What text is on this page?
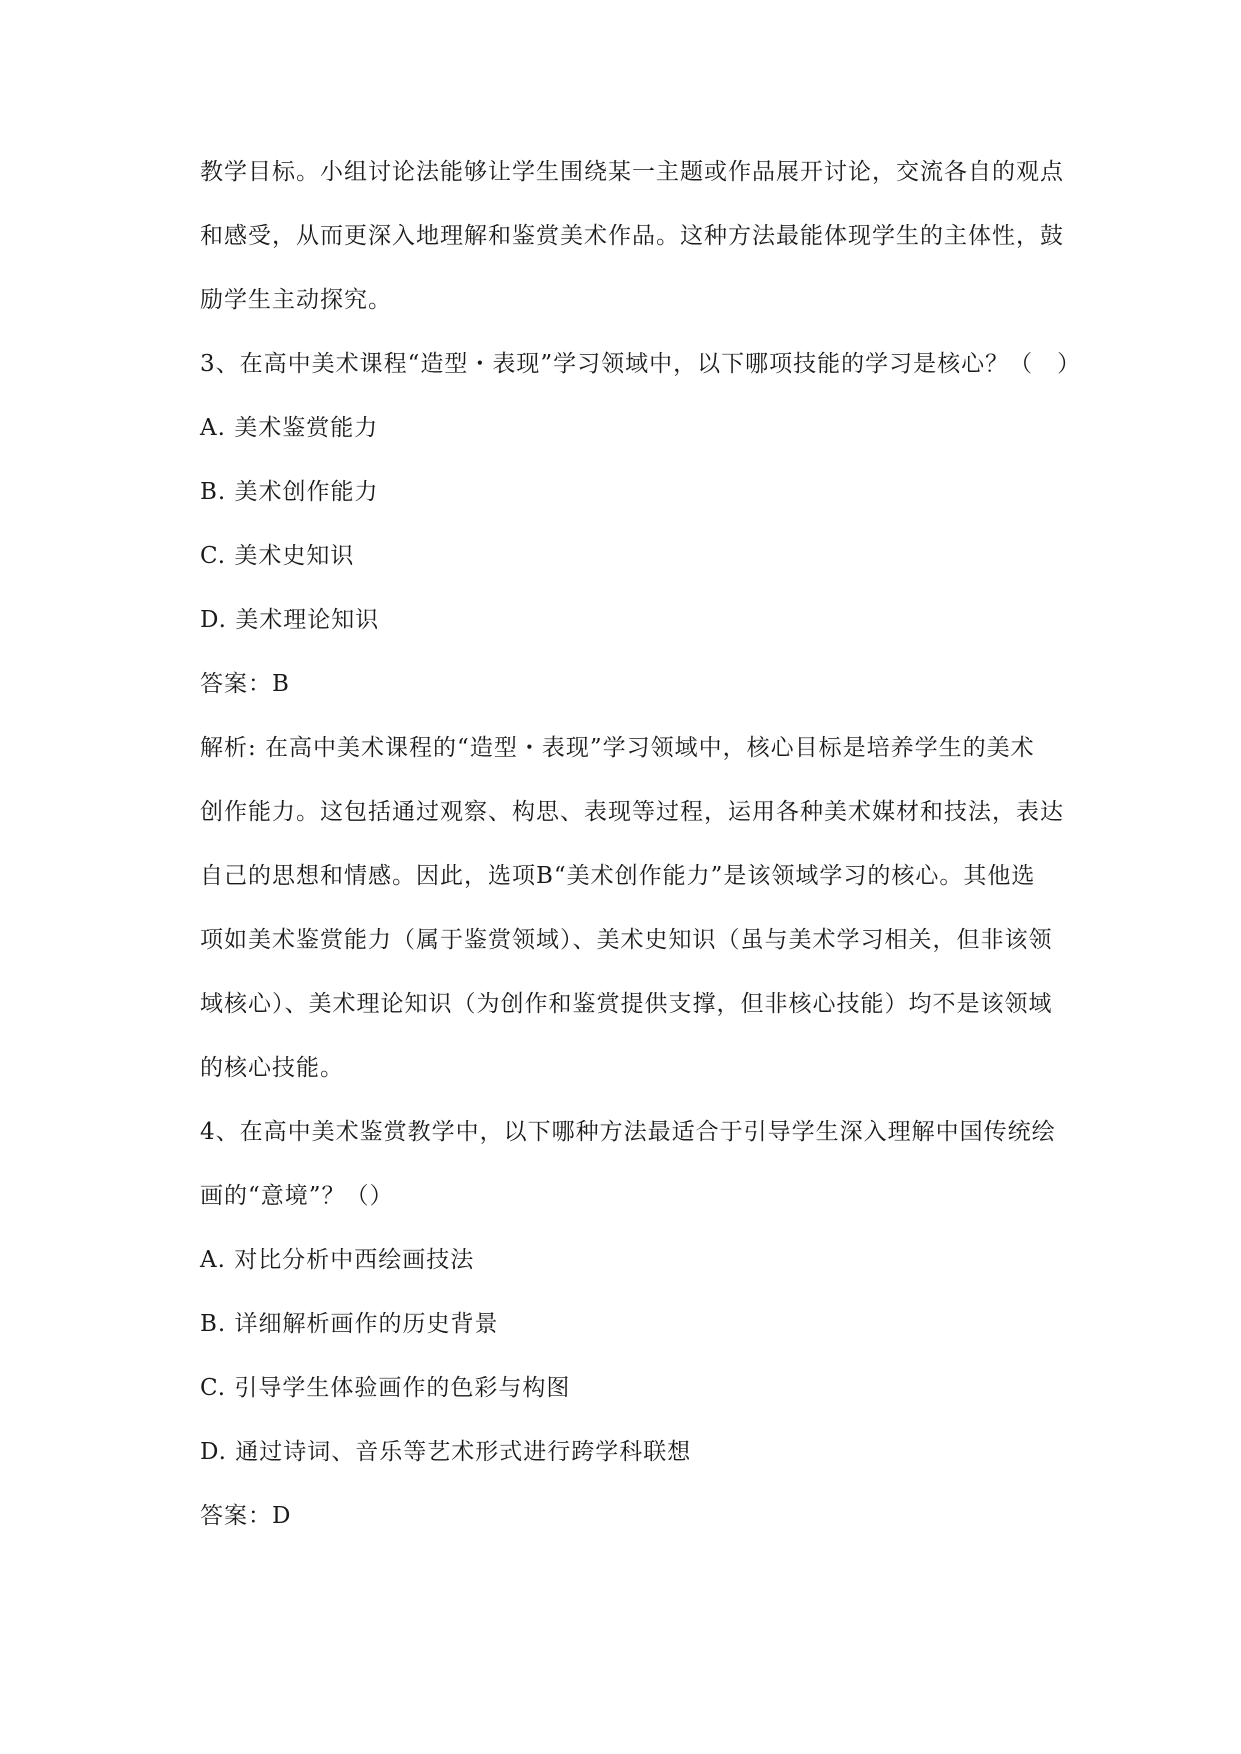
教学目标。小组讨论法能够让学生围绕某一主题或作品展开讨论，交流各自的观点
和感受，从而更深入地理解和鉴赏美术作品。这种方法最能体现学生的主体性，鼓
励学生主动探究。
3、在高中美术课程“造型・表现”学习领域中，以下哪项技能的学习是核心？（　）
A. 美术鉴赏能力
B. 美术创作能力
C. 美术史知识
D. 美术理论知识
答案：B
解析: 在高中美术课程的“造型・表现”学习领域中，核心目标是培养学生的美术
创作能力。这包括通过观察、构思、表现等过程，运用各种美术媒材和技法，表达
自己的思想和情感。因此，选项B“美术创作能力”是该领域学习的核心。其他选
项如美术鉴赏能力（属于鉴赏领域）、美术史知识（虽与美术学习相关，但非该领
域核心）、美术理论知识（为创作和鉴赏提供支撑，但非核心技能）均不是该领域
的核心技能。
4、在高中美术鉴赏教学中，以下哪种方法最适合于引导学生深入理解中国传统绘
画的“意境”？（）
A. 对比分析中西绘画技法
B. 详细解析画作的历史背景
C. 引导学生体验画作的色彩与构图
D. 通过诗词、音乐等艺术形式进行跨学科联想
答案：D
